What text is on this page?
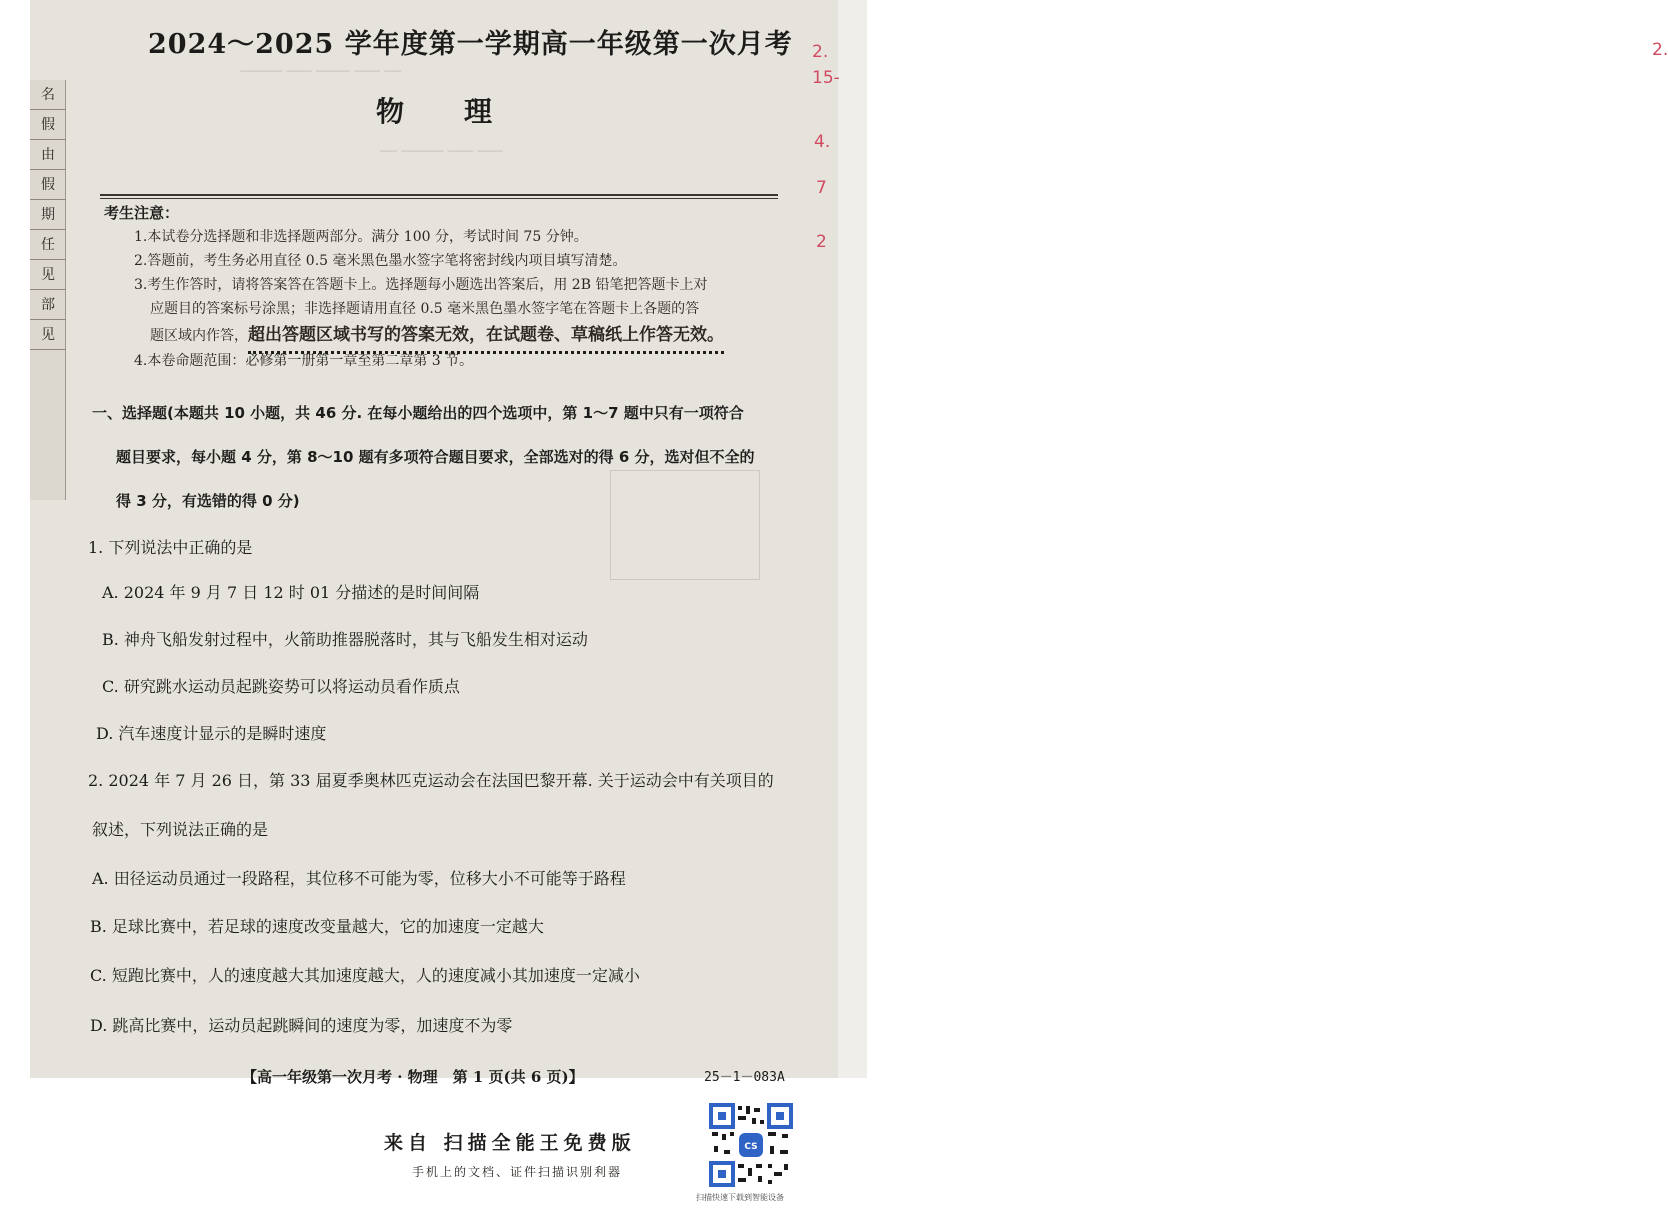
2.
2.
15-
4.
7
2
名
假
由
假
期
任
见
部
见
───── ─── ──── ─── ──
── ───── ─── ───
2024～2025 学年度第一学期高一年级第一次月考
物理
考生注意：
1.本试卷分选择题和非选择题两部分。满分 100 分，考试时间 75 分钟。
2.答题前，考生务必用直径 0.5 毫米黑色墨水签字笔将密封线内项目填写清楚。
3.考生作答时，请将答案答在答题卡上。选择题每小题选出答案后，用 2B 铅笔把答题卡上对
应题目的答案标号涂黑；非选择题请用直径 0.5 毫米黑色墨水签字笔在答题卡上各题的答
题区域内作答，超出答题区域书写的答案无效，在试题卷、草稿纸上作答无效。
4.本卷命题范围：必修第一册第一章至第二章第 3 节。
一、选择题(本题共 10 小题，共 46 分. 在每小题给出的四个选项中，第 1～7 题中只有一项符合
题目要求，每小题 4 分，第 8～10 题有多项符合题目要求，全部选对的得 6 分，选对但不全的
得 3 分，有选错的得 0 分)
1. 下列说法中正确的是
A. 2024 年 9 月 7 日 12 时 01 分描述的是时间间隔
B. 神舟飞船发射过程中，火箭助推器脱落时，其与飞船发生相对运动
C. 研究跳水运动员起跳姿势可以将运动员看作质点
D. 汽车速度计显示的是瞬时速度
2. 2024 年 7 月 26 日，第 33 届夏季奥林匹克运动会在法国巴黎开幕. 关于运动会中有关项目的
叙述，下列说法正确的是
A. 田径运动员通过一段路程，其位移不可能为零，位移大小不可能等于路程
B. 足球比赛中，若足球的速度改变量越大，它的加速度一定越大
C. 短跑比赛中，人的速度越大其加速度越大，人的速度减小其加速度一定减小
D. 跳高比赛中，运动员起跳瞬间的速度为零，加速度不为零
【高一年级第一次月考 · 物理　第 1 页(共 6 页)】	25－1－083A
来自 扫描全能王免费版
手机上的文档、证件扫描识别利器
CS
扫描快速下载到智能设备
